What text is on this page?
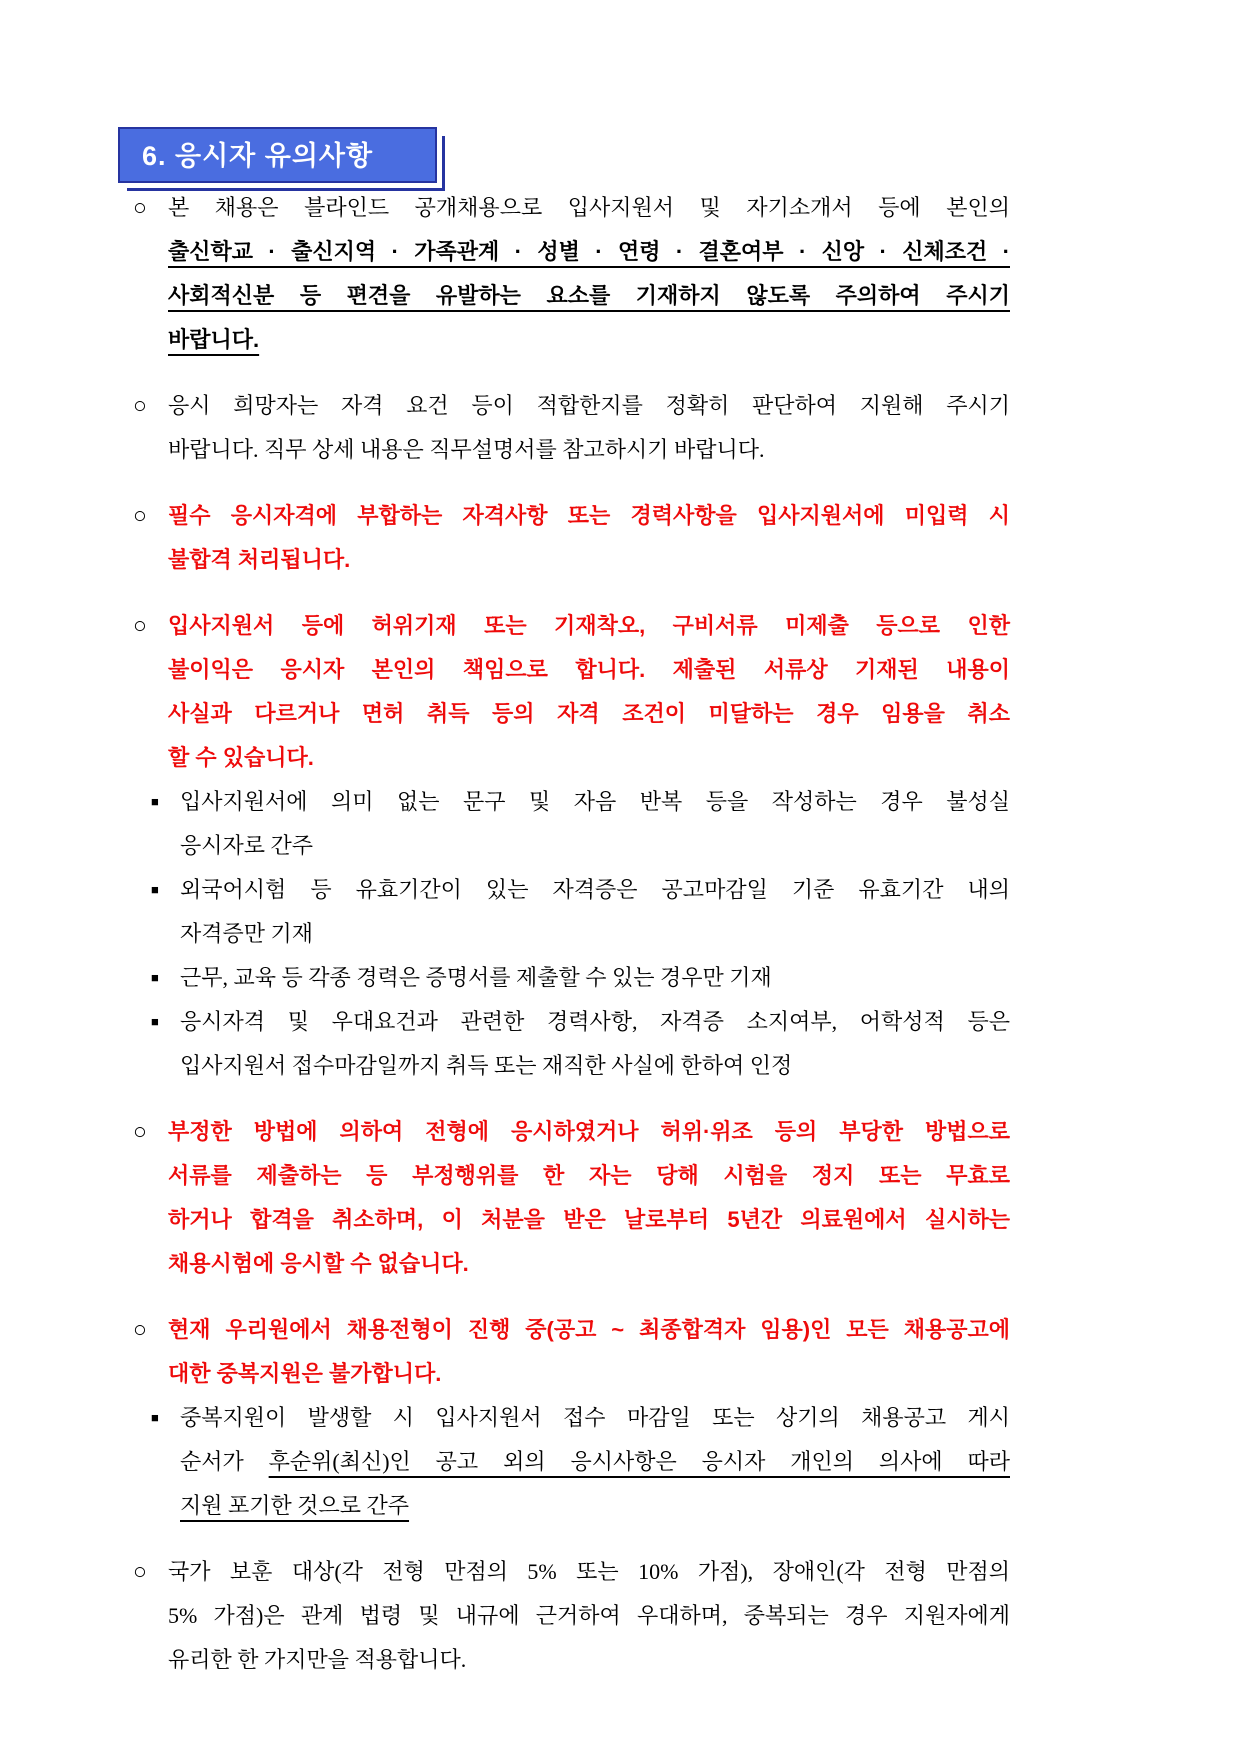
6. 응시자 유의사항
○ 본 채용은 블라인드 공개채용으로 입사지원서 및 자기소개서 등에 본인의
출신학교 · 출신지역 · 가족관계 · 성별 · 연령 · 결혼여부 · 신앙 · 신체조건 ·
사회적신분 등 편견을 유발하는 요소를 기재하지 않도록 주의하여 주시기
바랍니다.
○ 응시 희망자는 자격 요건 등이 적합한지를 정확히 판단하여 지원해 주시기
바랍니다. 직무 상세 내용은 직무설명서를 참고하시기 바랍니다.
○ 필수 응시자격에 부합하는 자격사항 또는 경력사항을 입사지원서에 미입력 시
불합격 처리됩니다.
○ 입사지원서 등에 허위기재 또는 기재착오, 구비서류 미제출 등으로 인한
불이익은 응시자 본인의 책임으로 합니다. 제출된 서류상 기재된 내용이
사실과 다르거나 면허 취득 등의 자격 조건이 미달하는 경우 임용을 취소
할 수 있습니다.
■ 입사지원서에 의미 없는 문구 및 자음 반복 등을 작성하는 경우 불성실
응시자로 간주
■ 외국어시험 등 유효기간이 있는 자격증은 공고마감일 기준 유효기간 내의
자격증만 기재
■ 근무, 교육 등 각종 경력은 증명서를 제출할 수 있는 경우만 기재
■ 응시자격 및 우대요건과 관련한 경력사항, 자격증 소지여부, 어학성적 등은
입사지원서 접수마감일까지 취득 또는 재직한 사실에 한하여 인정
○ 부정한 방법에 의하여 전형에 응시하였거나 허위·위조 등의 부당한 방법으로
서류를 제출하는 등 부정행위를 한 자는 당해 시험을 정지 또는 무효로
하거나 합격을 취소하며, 이 처분을 받은 날로부터 5년간 의료원에서 실시하는
채용시험에 응시할 수 없습니다.
○ 현재 우리원에서 채용전형이 진행 중(공고 ~ 최종합격자 임용)인 모든 채용공고에
대한 중복지원은 불가합니다.
■ 중복지원이 발생할 시 입사지원서 접수 마감일 또는 상기의 채용공고 게시
순서가 후순위(최신)인 공고 외의 응시사항은 응시자 개인의 의사에 따라
지원 포기한 것으로 간주
○ 국가 보훈 대상(각 전형 만점의 5% 또는 10% 가점), 장애인(각 전형 만점의
5% 가점)은 관계 법령 및 내규에 근거하여 우대하며, 중복되는 경우 지원자에게
유리한 한 가지만을 적용합니다.
